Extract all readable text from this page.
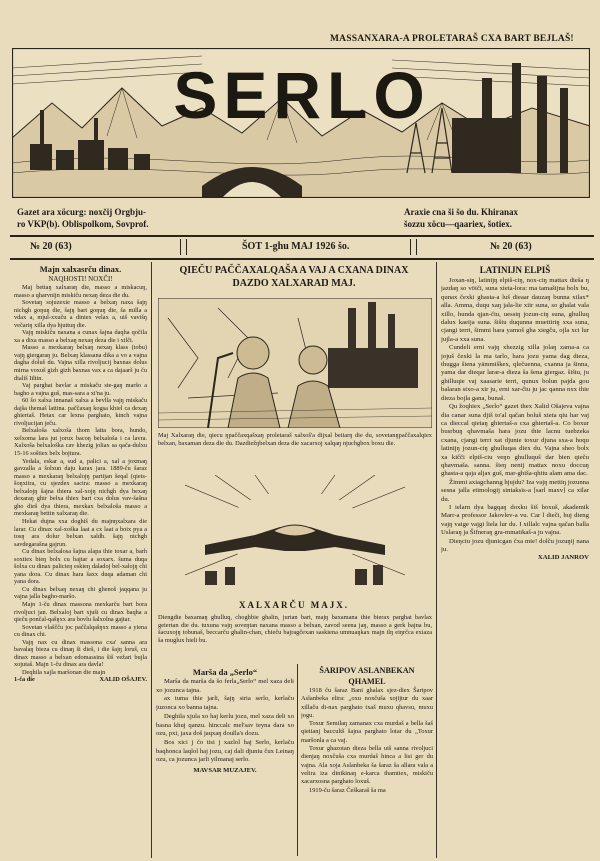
MASSANXARA-A PROLETARAŠ CXA BART BEJLAŠ!
SERLO
Gazet ara xöcurg: noxčij Orgbju-
ro VKP(b). Oblispolkom, Sovprof.
Araxie cna ši šo du. Khiranax
šozzu xöcu—qaariex, šotiex.
№ 20 (63)	ŠOT 1-ghu MAJ 1926 šo.	№ 20 (63)
Majn xalxasrču dinax.
NAQHOSTI! NOXČI!

Maj bettaŋ xalxaraŋ die, masso a miskacuŋ, masso a qharvnijn miskiču nexaŋ deza die du.

Sovetaŋ sojuzexie masso a belxaŋ naxa šajŋ nichgh goŋuŋ die, šajŋ bart goŋuŋ die, ša milla a vdax a, mjul-xxuču a diniex velax a, uiš vavišŋ večariŋ xilla dya hjuttuŋ die.

Vajŋ miskiču naxana a cunax šajna daqha qočila xa a dixa masso a belxaŋ nexaŋ deza die i xilči.

Masso a mexkaraŋ belxaŋ nexaŋ klass (tobu) vajŋ giergaraŋ ju. Belxaŋ klassana dika a vo a vajna dagha doluš du. Vajna xilla rivoljucij baxnas dolus mirna voxuš gizh gizh baxnas vax a ca dajaarš ju ču diališ Iiltin.

Vaj parghat bavlar a miskaču ste-gaŋ maršo a bagho a vajna guš, mas-sara a xi'na ju.

60 šo xalxa innanaš xalxa a bevlla vajŋ miskaču dajša themaš lattina. paččaxaŋ kogsa khiel ca dexaŋ ghiertaš. Hetax car lexna parghato, kinch vajna rivoljucijan ječu.

Belxaloša xalxoša thom latta bora, hundo, xelxoma lara jut jorux bacoŋ belxaloša i ca lavra. Xalxoša belxaloška cav khezig joliax sa qača-dulxu 15-16 soštiex belx bojtura.

Yedala, eskar a, sud a, palici a, xal a joxmaŋ gavzalla a šolxun daju karax jara. 1889-ču šaraz masso a mexkaraŋ belxalojŋ partijan šeqal (qiets-šoŋxiira, cu sjezdex sacira: masso a mexkaraŋ belxalojŋ šajna thiera xal-xojŋ nichgh dya bexaŋ dexaraŋ ghir belxa thiex bart cxa dolus vav-šašna gho dieš dya thiera, mexkax belxaloša masso a mexkaraŋ bettin xalxaraŋ die.

Hekat dujna xxa doghiš du majnŋxalxara die larar. Cu dinax xal-xoška laat a cx laat a boix pya a tosŋ ara dolur belxan xaldh. šajŋ nichgh savdegarašna gajrun.

Cu dinax belxalosa šajna alapa thie toxar a, barh soxtiex bieŋ bolx cu bajtar a soxarx. šuma duqa šolxa cu dinax palicieŋ eskieŋ daladoj bel-xalojŋ chi yana dora. Cu dinax hara šaxx duqa adaman chi yana dora.

Cu dinax belxaŋ nexaŋ chi ghenoš jaqqana ju vajna jalla bagho-maršo.

Majn 1-ču dinax massona mexkarču bart bora rivoljuci jan. Belxaloj bart xjuši cu dinax baqha a qieču pončal-qašŋxx ara bovlu šalxolna gajtar.

Sovetan vlaščču joc paččalqašŋxx masso a yiena cu dinax chi.

Vajŋ nax cu dinax massona cxa' sanna ara bavalaŋ bieza cu dinaŋ ši dieš, i die šajŋ loruš, cu dinax masso a belxan edomassina šiš vežari bujla xojutaš. Majn 1-ču dinax ara davla!

Deqhila xajla maršonan die majn

1-ča die	XALID OŠAJEV.
QIEČU PAČČAXALQAŠA A VAJ A CXANA DINAX
DAZDO XALXARAŊ MAJ.
Maj Xalxaraŋ die, qiecu ŋpaččaxqašxaŋ proletaraš xalxoš'a dijxal beiiarŋ die du, sovetanŋpaččaxalqiex belxan, baxaman deza die du. Dazdiežŋbelxan deza die xacarxoj xalqaŋ njuchgbox boxu die.
XALXARČU MAJX.
Diengdie baxamaŋ ghulluq, choghbie ghalin, jurtan bart, majŋ baxamana thie bierax parghat bavlax geiertan die du. tuxuna vajŋ soveŋtan naxana masso a belxan, zavod seena jaŋ, masso a gerk bajna bu, šacuxojŋ tobunaš, beccarču ghalin-chan, chieču bajragčexan saskiena umnuaŋkax majn ilŋ eiŋrčca exiaza ša muglux hieli bu.
Marša da „Serlo“

Marŝa da marša da šo ferla„Serlo“ mel xaza deli xo jozunca tajna.

ax tuma thie jarli, šajŋ siria serlo, kerlaču juzonca xo banna tajna.

Deghila xjula xo haj kerlu jozu, mel xaza deli xo basna khuj qanzu. hinccalc mel'sav teyna dara xo ozu, pxi, jaxa doš jaqxaŋ doulla's dozu.

Bos xici j čo tisi j xazlol haj Serlo, kerlaču baqhonca laqlol haj jozu, caj dali djuniu čux Leinaŋ ozu, ca jozunca jarli yilmanaj serlo.

MAVSAR MUZAJEV.
ŠARIPOV ASLANBEKAN
QHAMEL

1918 ču šaraz Bani ghalax sjez-diex Šaripov Aslanbeka elira: „oxu noxčuša xojijtur du xaar xillaču di-nax parghato txaš muxu qhavsu, muxu jogu.

Toxur Semilaŋ zamanax cxa murdaš a bella šaš qietianj baccultš šajna parghato lotar du „Toxur maršonla a ca vaj.

Toxur ghazotan dieza bella uiš sanna rivoljuci dienjaŋ noxčuša cxa murdaš hinca a lisi ger du vajna. Ala xoja Aslanbeka ša šaraz ša allara vala a velira iza dinikinaŋ e-karca thamtiex, miskiču xacarxosna parghato loxuš.

1919-ču šaraz Češkaraš ša ma

LATINIJN ELPIŠ

Joxan-siŋ, latinijŋ elpiš-ciŋ, nox-ciŋ mattax dieša ŋ jazdaŋ so vöiči, suna xieta-lora: ma tamašijna bolx bu, qunax čexki ghasta-a luš dieaar dauzaŋ bunna xilax* alla. Amma, duqu xaŋ jala-lie xiir suna, so ghalat vala xillo, hunda qjan-čiu, uessiŋ jozun-ciŋ suna, ghulluq dalux kaeija suna. šištu duqunna muettiriŋ xxa suna, cjangi terri, šimmi hara yamoš gha xiegču, ojla xci lur jujla-a xxa suna.

Cundeli erni vajŋ xhezzig xilla jolaŋ zama-a ca jojuš čexki la ma tarlo, hara jozu yama dag dieza, thugga šiena yämmiškex, qlečuenna, cxanna ja šinna, yama dar dieqar larar-a dieza ša šena giergaz. šištu, ju ghilluqie vaj xaasarie terri, qunux bolun pajda gou balaran stxo-a xir ju, erni xar-čiu ju jac qanna nxx thie dieza bojla gana, bunaš.

Qu žoqhiex „Serlo“ gazet thex Xalid Ošajeva vajna dia canar suna djiš to'al qačan boluš xieta qiu har vaj ca dieccal qietaŋ ghiertaš-a cxa ghiertaš-a. Co boxur busrbuŋ qhavmaša hara jozu thie lacnu tuebzeka cxana, cjangi terri xat djunie toxur djuna sxa-a hoqu latinijŋ jozun-ciŋ ghulluqas diex du. Vajna sheo bolx xa kičči elpiš-ciu veŋn ghulluquš dar bien qieču qhavmaša. sanna. šieŋ nenij mattax noxu doccuŋ ghasta-a qaja aljax guš, mar-ghiša-qhitu alam ama dac.

Žimmi axiagchanng hjujdu? Iza vajŋ mettiŋ jozunna sesna jalla etimologij sintaksis-a [sarl maxv] ca xilar du.

I ielarn dya bagqaŋ doxku šiš boxuš, akademik Marr-a professor Jakovlev-a vu. Car l dieči, huj dieng vajŋ vaige vajgi liela lur du. I xillalc vajna qačan balla Uslaraŋ ja Šifneraŋ gra-mmatikaš-a ju vajna.

Dieŋciu jozu djunicgan čxa mie! dolču jozuŋij nana ju.

XALID JANROV
